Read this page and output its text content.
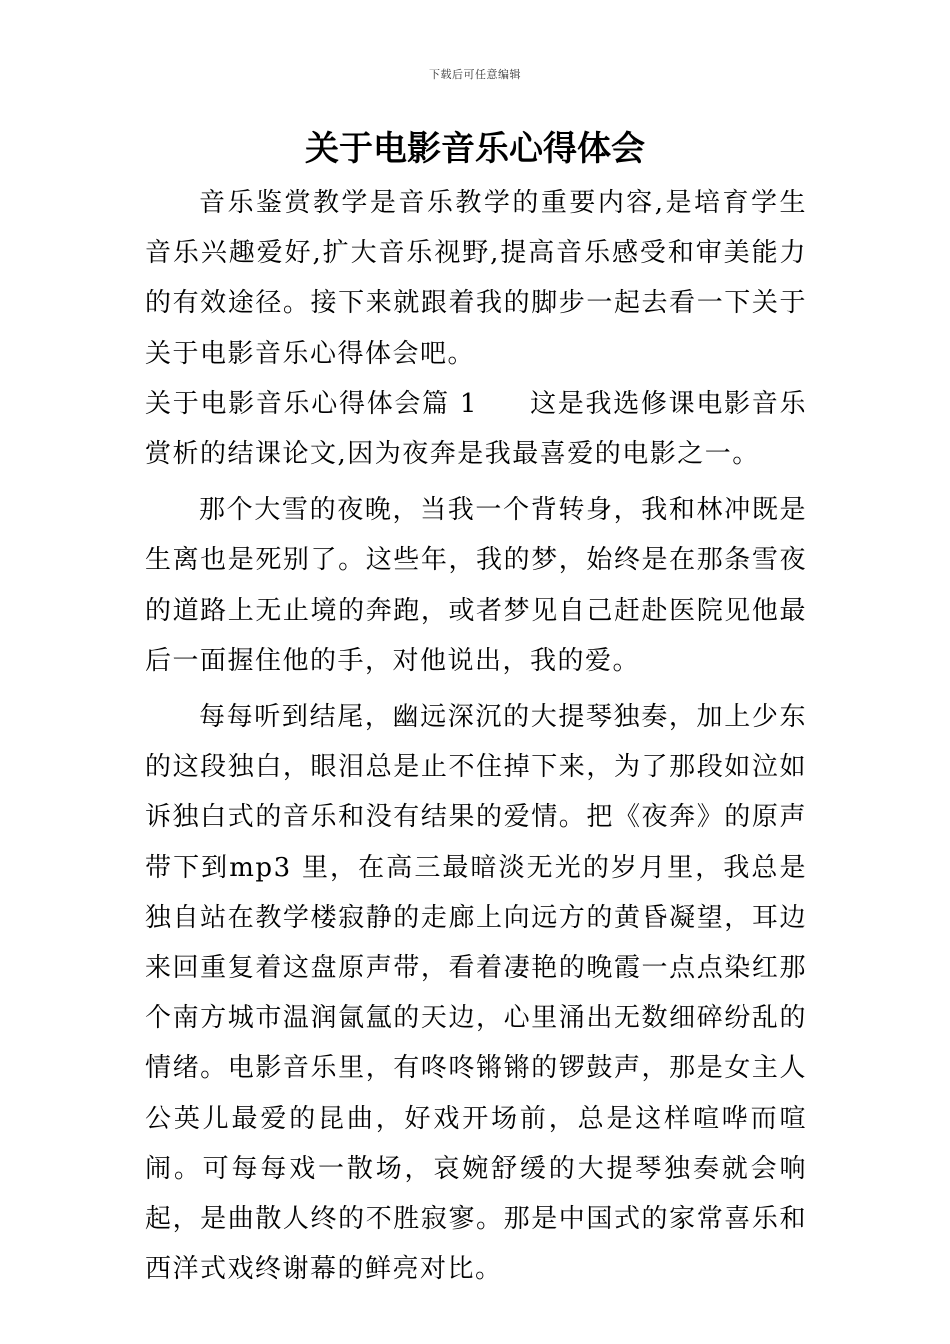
下载后可任意编辑
关于电影音乐心得体会

音乐鉴赏教学是音乐教学的重要内容,是培育学生音乐兴趣爱好,扩大音乐视野,提高音乐感受和审美能力的有效途径。接下来就跟着我的脚步一起去看一下关于关于电影音乐心得体会吧。

关于电影音乐心得体会篇 1 这是我选修课电影音乐赏析的结课论文,因为夜奔是我最喜爱的电影之一。

那个大雪的夜晚，当我一个背转身，我和林冲既是生离也是死别了。这些年，我的梦，始终是在那条雪夜的道路上无止境的奔跑，或者梦见自己赶赴医院见他最后一面握住他的手，对他说出，我的爱。

每每听到结尾，幽远深沉的大提琴独奏，加上少东的这段独白，眼泪总是止不住掉下来，为了那段如泣如诉独白式的音乐和没有结果的爱情。把《夜奔》的原声带下到mp3 里，在高三最暗淡无光的岁月里，我总是独自站在教学楼寂静的走廊上向远方的黄昏凝望，耳边来回重复着这盘原声带，看着凄艳的晚霞一点点染红那个南方城市温润氤氲的天边，心里涌出无数细碎纷乱的情绪。电影音乐里，有咚咚锵锵的锣鼓声，那是女主人公英儿最爱的昆曲，好戏开场前，总是这样喧哗而喧闹。可每每戏一散场，哀婉舒缓的大提琴独奏就会响起，是曲散人终的不胜寂寥。那是中国式的家常喜乐和西洋式戏终谢幕的鲜亮对比。
